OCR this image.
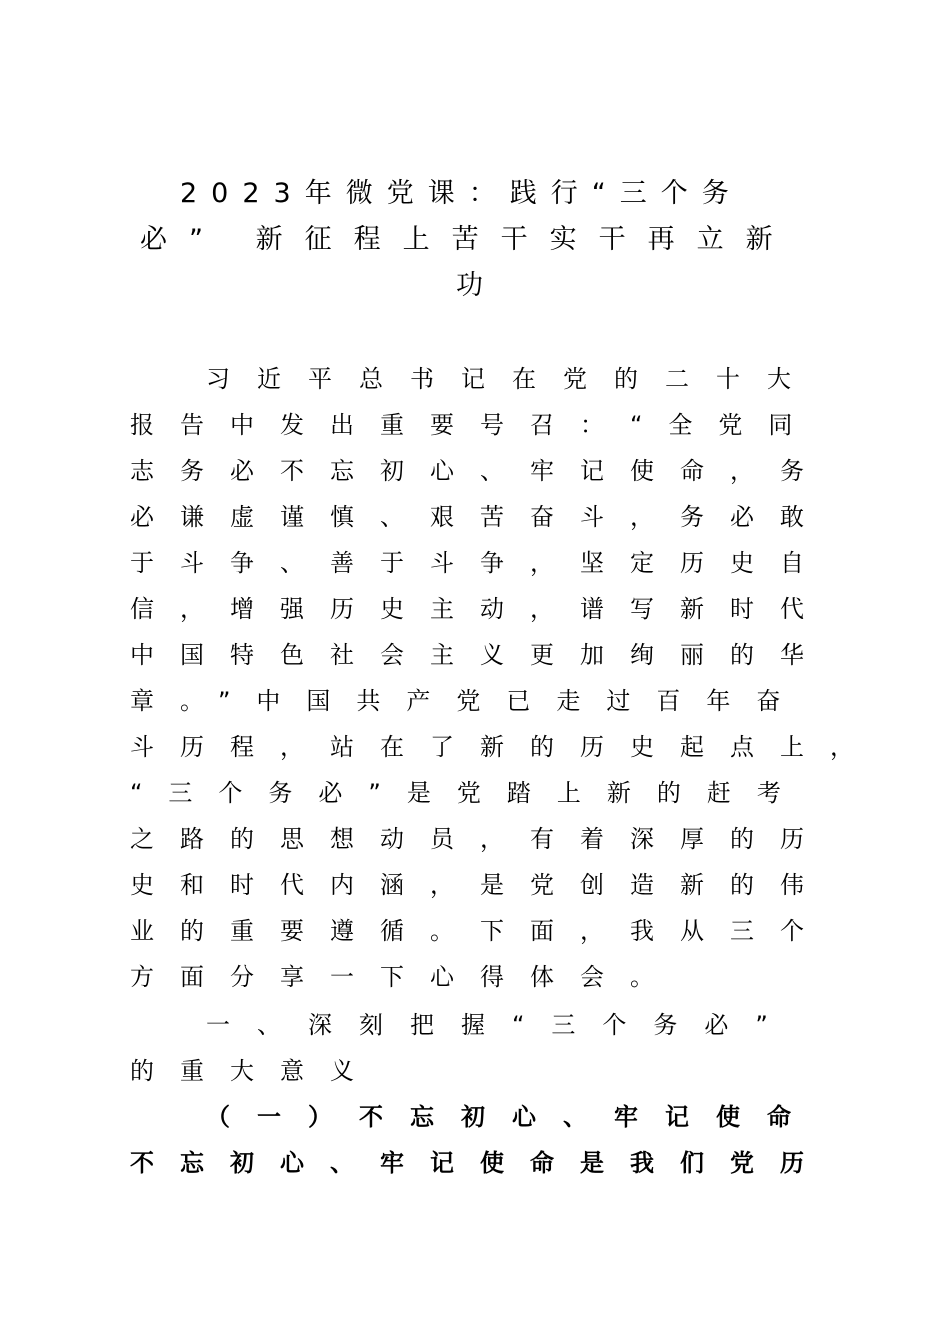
2023年微党课：践行“三个务
必” 新征程上苦干实干再立新
功
习近平总书记在党的二十大
报告中发出重要号召：“全党同
志务必不忘初心、牢记使命，务
必谦虚谨慎、艰苦奋斗，务必敢
于斗争、善于斗争，坚定历史自
信，增强历史主动，谱写新时代
中国特色社会主义更加绚丽的华
章。”中国共产党已走过百年奋
斗历程，站在了新的历史起点上，
“三个务必”是党踏上新的赶考
之路的思想动员，有着深厚的历
史和时代内涵，是党创造新的伟
业的重要遵循。下面，我从三个
方面分享一下心得体会。
一、深刻把握“三个务必”
的重大意义
（一）不忘初心、牢记使命
不忘初心、牢记使命是我们党历
